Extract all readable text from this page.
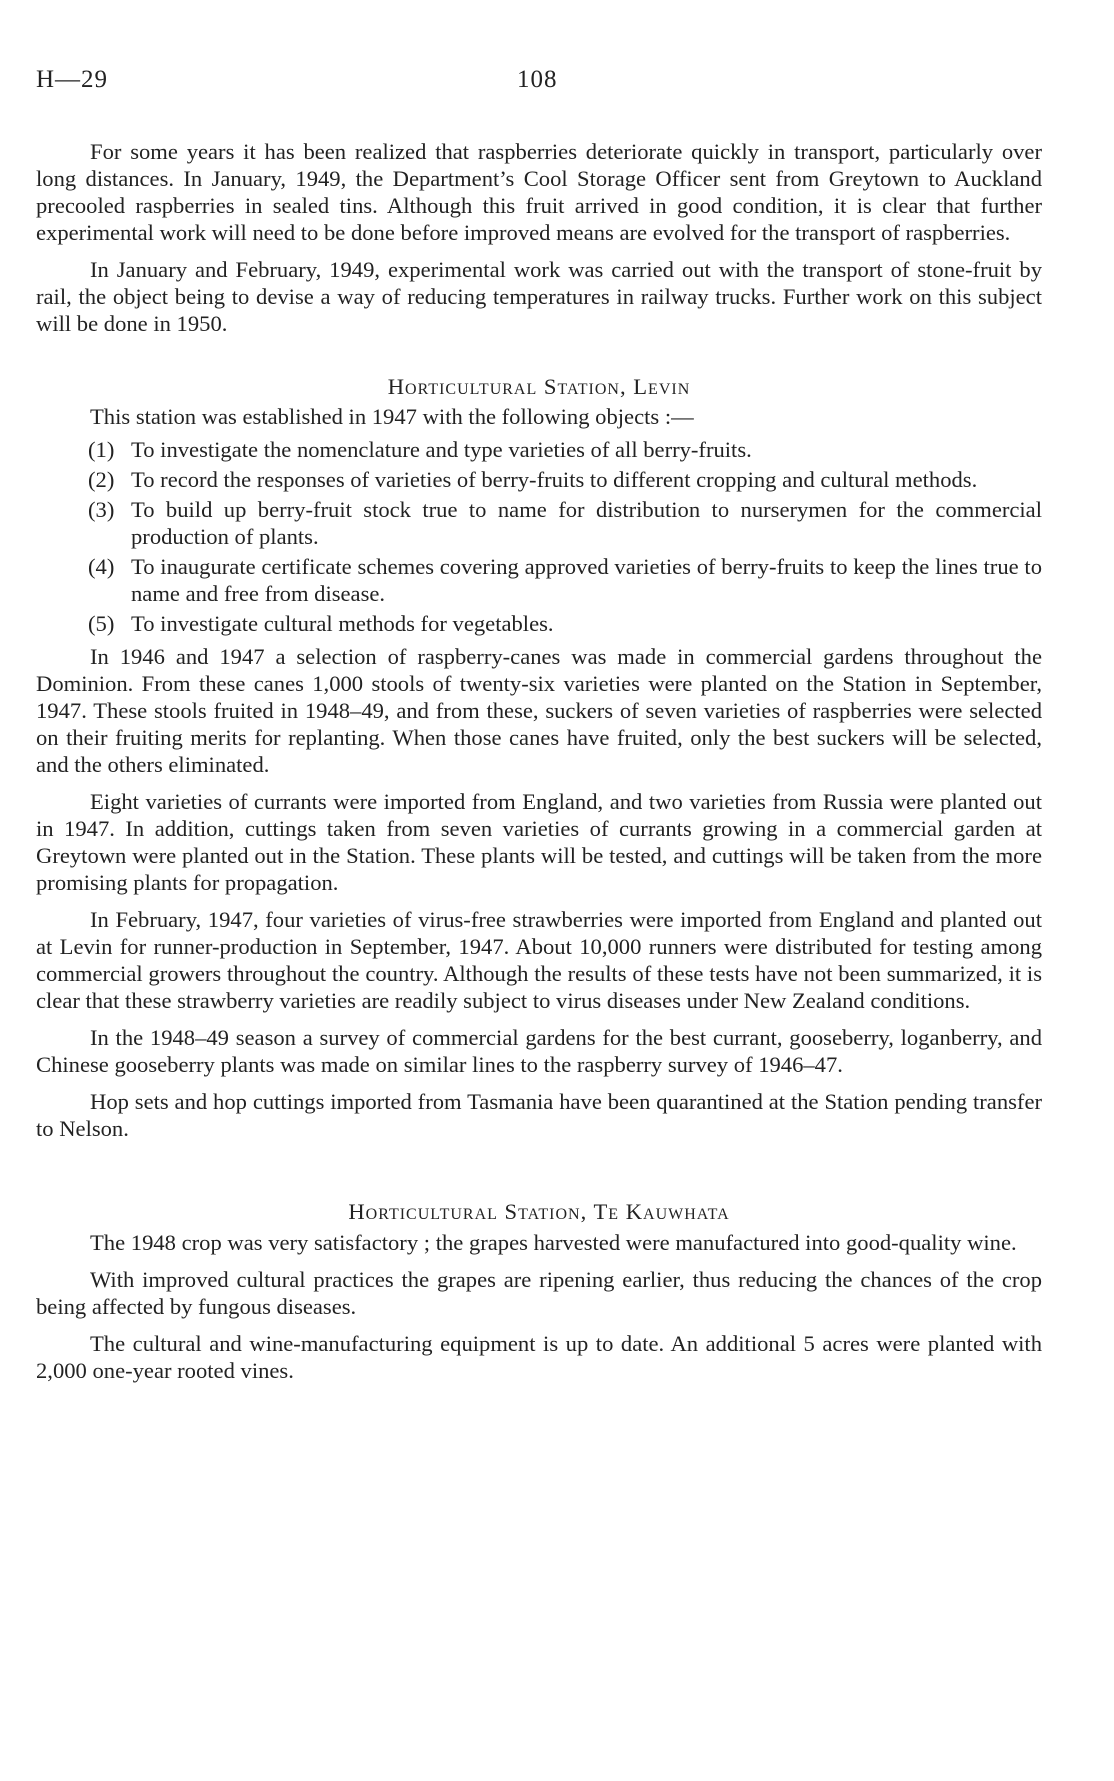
H—29	108

For some years it has been realized that raspberries deteriorate quickly in transport, particularly over long distances. In January, 1949, the Department’s Cool Storage Officer sent from Greytown to Auckland precooled raspberries in sealed tins. Although this fruit arrived in good condition, it is clear that further experimental work will need to be done before improved means are evolved for the transport of raspberries.

In January and February, 1949, experimental work was carried out with the transport of stone-fruit by rail, the object being to devise a way of reducing temperatures in railway trucks. Further work on this subject will be done in 1950.

Horticultural Station, Levin

This station was established in 1947 with the following objects :—

(1) To investigate the nomenclature and type varieties of all berry-fruits.
(2) To record the responses of varieties of berry-fruits to different cropping and cultural methods.
(3) To build up berry-fruit stock true to name for distribution to nurserymen for the commercial production of plants.
(4) To inaugurate certificate schemes covering approved varieties of berry-fruits to keep the lines true to name and free from disease.
(5) To investigate cultural methods for vegetables.

In 1946 and 1947 a selection of raspberry-canes was made in commercial gardens throughout the Dominion. From these canes 1,000 stools of twenty-six varieties were planted on the Station in September, 1947. These stools fruited in 1948–49, and from these, suckers of seven varieties of raspberries were selected on their fruiting merits for replanting. When those canes have fruited, only the best suckers will be selected, and the others eliminated.

Eight varieties of currants were imported from England, and two varieties from Russia were planted out in 1947. In addition, cuttings taken from seven varieties of currants growing in a commercial garden at Greytown were planted out in the Station. These plants will be tested, and cuttings will be taken from the more promising plants for propagation.

In February, 1947, four varieties of virus-free strawberries were imported from England and planted out at Levin for runner-production in September, 1947. About 10,000 runners were distributed for testing among commercial growers throughout the country. Although the results of these tests have not been summarized, it is clear that these strawberry varieties are readily subject to virus diseases under New Zealand conditions.

In the 1948–49 season a survey of commercial gardens for the best currant, gooseberry, loganberry, and Chinese gooseberry plants was made on similar lines to the raspberry survey of 1946–47.

Hop sets and hop cuttings imported from Tasmania have been quarantined at the Station pending transfer to Nelson.

Horticultural Station, Te Kauwhata

The 1948 crop was very satisfactory ; the grapes harvested were manufactured into good-quality wine.

With improved cultural practices the grapes are ripening earlier, thus reducing the chances of the crop being affected by fungous diseases.

The cultural and wine-manufacturing equipment is up to date. An additional 5 acres were planted with 2,000 one-year rooted vines.
